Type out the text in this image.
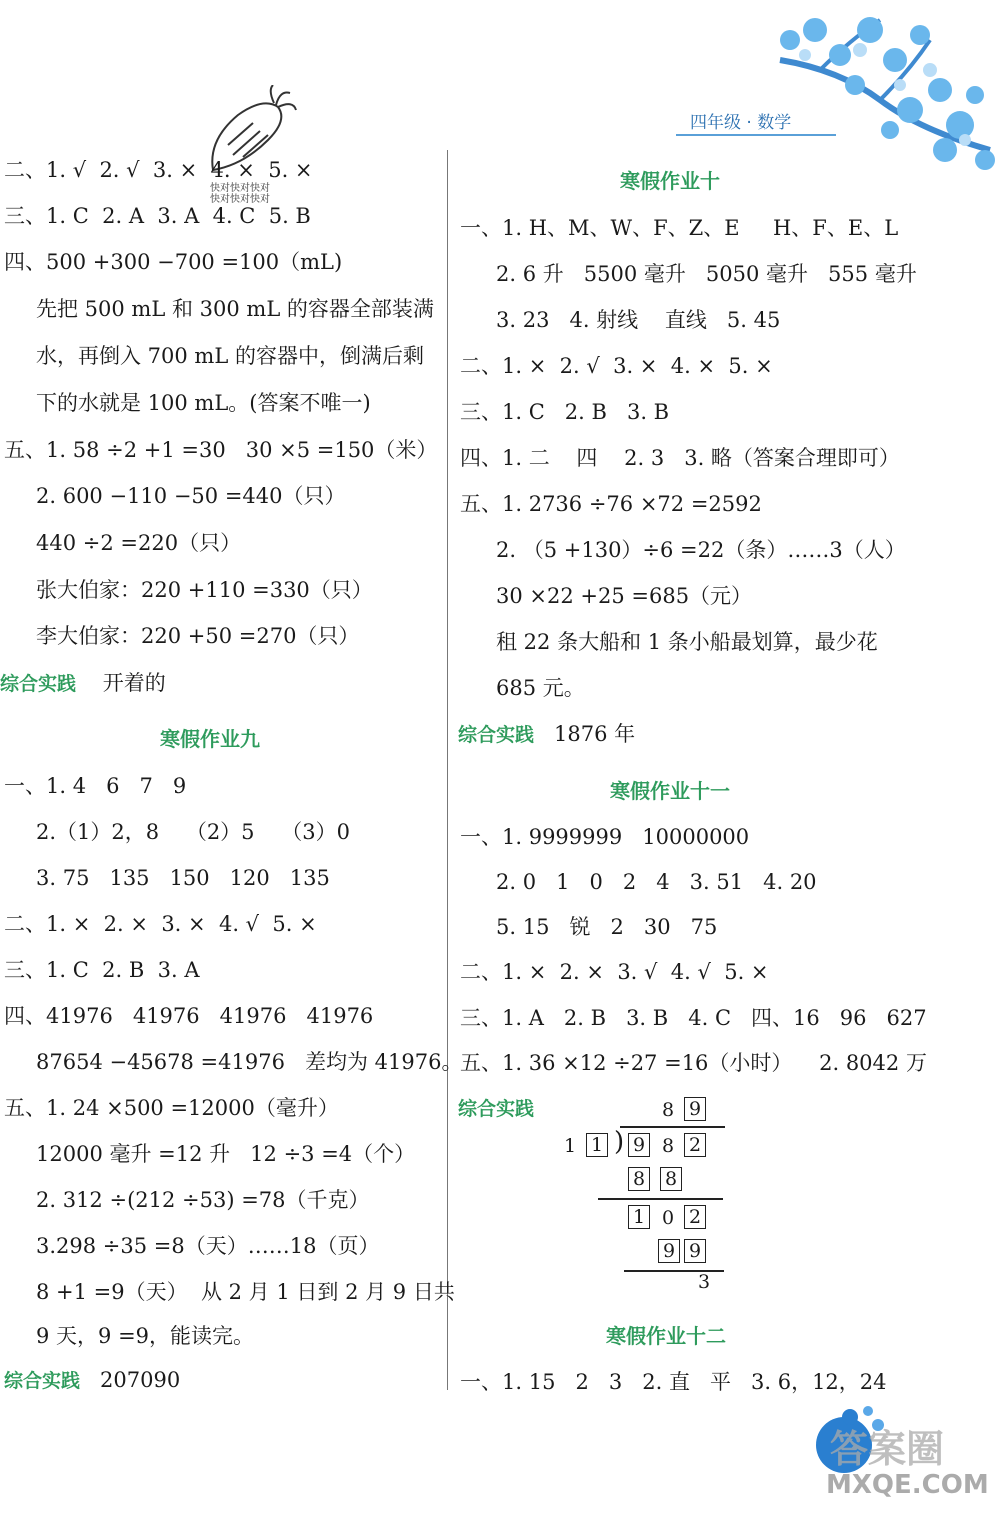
四年级 · 数学
快对快对快对
快对快对快对
二、1. √  2. √  3. ×  4. ×  5. ×
三、1. C  2. A  3. A  4. C  5. B
四、500 +300 −700 =100（mL)
先把 500 mL 和 300 mL 的容器全部装满
水，再倒入 700 mL 的容器中，倒满后剩
下的水就是 100 mL。(答案不唯一)
五、1. 58 ÷2 +1 =30   30 ×5 =150（米）
2. 600 −110 −50 =440（只）
440 ÷2 =220（只）
张大伯家：220 +110 =330（只）
李大伯家：220 +50 =270（只）
综合实践 开着的
寒假作业九
一、1. 4   6   7   9
2.（1）2，8    （2）5    （3）0
3. 75   135   150   120   135
二、1. ×  2. ×  3. ×  4. √  5. ×
三、1. C  2. B  3. A
四、41976   41976   41976   41976
87654 −45678 =41976   差均为 41976。
五、1. 24 ×500 =12000（毫升）
12000 毫升 =12 升   12 ÷3 =4（个）
2. 312 ÷(212 ÷53) =78（千克）
3.298 ÷35 =8（天）……18（页）
8 +1 =9（天）  从 2 月 1 日到 2 月 9 日共
9 天，9 =9，能读完。
综合实践 207090
寒假作业十
一、1. H、M、W、F、Z、E     H、F、E、L
2. 6 升   5500 毫升   5050 毫升   555 毫升
3. 23   4. 射线    直线   5. 45
二、1. ×  2. √  3. ×  4. ×  5. ×
三、1. C   2. B   3. B
四、1. 二    四    2. 3   3. 略（答案合理即可）
五、1. 2736 ÷76 ×72 =2592
2. （5 +130）÷6 =22（条）……3（人）
30 ×22 +25 =685（元）
租 22 条大船和 1 条小船最划算，最少花
685 元。
综合实践 1876 年
寒假作业十一
一、1. 9999999   10000000
2. 0   1   0   2   4   3. 51   4. 20
5. 15   锐   2   30   75
二、1. ×  2. ×  3. √  4. √  5. ×
三、1. A   2. B   3. B   4. C   四、16   96   627
五、1. 36 ×12 ÷27 =16（小时）    2. 8042 万
综合实践	8 9
1 1 ) 9 8 2
8 8
1 0 2
9 9
3
寒假作业十二
一、1. 15   2   3   2. 直   平   3. 6，12，24
答案圈
MXQE.COM
